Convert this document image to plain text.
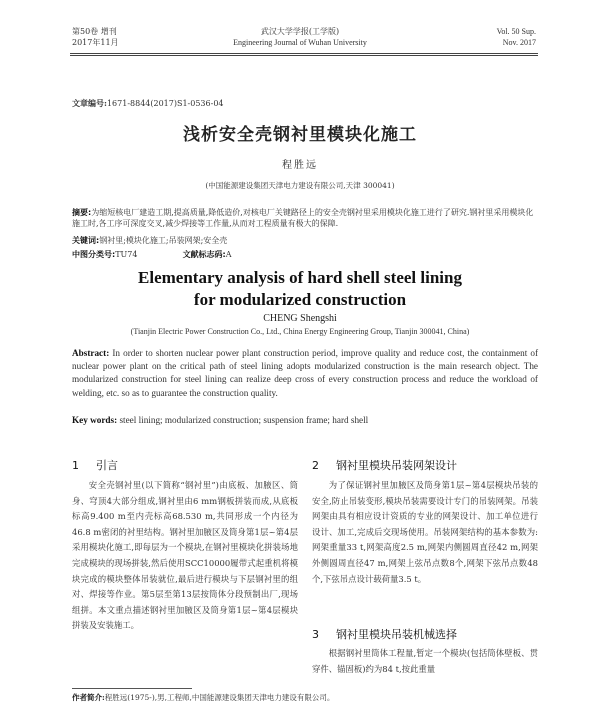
第50卷 增刊
2017年11月
武汉大学学报(工学版)
Engineering Journal of Wuhan University
Vol. 50 Sup.
Nov. 2017
文章编号:1671-8844(2017)S1-0536-04
浅析安全壳钢衬里模块化施工
程胜远
(中国能源建设集团天津电力建设有限公司,天津 300041)
摘要:为缩短核电厂建造工期,提高质量,降低造价,对核电厂关键路径上的安全壳钢衬里采用模块化施工进行了研究.钢衬里采用模块化施工时,各工序可深度交叉,减少焊接等工作量,从而对工程质量有极大的保障.
关键词:钢衬里;模块化施工;吊装网架;安全壳
中图分类号:TU74	文献标志码:A
Elementary analysis of hard shell steel lining
for modularized construction
CHENG Shengshi
(Tianjin Electric Power Construction Co., Ltd., China Energy Engineering Group, Tianjin 300041, China)
Abstract: In order to shorten nuclear power plant construction period, improve quality and reduce cost, the containment of nuclear power plant on the critical path of steel lining adopts modularized construction is the main research object. The modularized construction for steel lining can realize deep cross of every construction process and reduce the workload of welding, etc. so as to guarantee the construction quality.
Key words: steel lining; modularized construction; suspension frame; hard shell
1 引言

安全壳钢衬里(以下简称“钢衬里”)由底板、加腋区、筒身、穹顶4大部分组成,钢衬里由6 mm钢板拼装而成,从底板标高9.400 m至内壳标高68.530 m,共同形成一个内径为46.8 m密闭的衬里结构。钢衬里加腋区及筒身第1层~第4层采用模块化施工,即每层为一个模块,在钢衬里模块化拼装场地完成模块的现场拼装,然后使用SCC10000履带式起重机将模块完成的模块整体吊装就位,最后进行模块与下层钢衬里的组对、焊接等作业。第5层至第13层按筒体分段预制出厂,现场组拼。本文重点描述钢衬里加腋区及筒身第1层~第4层模块拼装及安装施工。

2 钢衬里模块吊装网架设计

为了保证钢衬里加腋区及筒身第1层~第4层模块吊装的安全,防止吊装变形,模块吊装需要设计专门的吊装网架。吊装网架由具有相应设计资质的专业的网架设计、加工单位进行设计、加工,完成后交现场使用。吊装网架结构的基本参数为:网架重量33 t,网架高度2.5 m,网架内侧圆周直径42 m,网架外侧圆周直径47 m,网架上弦吊点数8个,网架下弦吊点数48个,下弦吊点设计载荷量3.5 t。

3 钢衬里模块吊装机械选择

根据钢衬里筒体工程量,暂定一个模块(包括筒体壁板、贯穿件、锚固板)约为84 t,按此重量

作者简介:程胜远(1975-),男,工程师,中国能源建设集团天津电力建设有限公司。
